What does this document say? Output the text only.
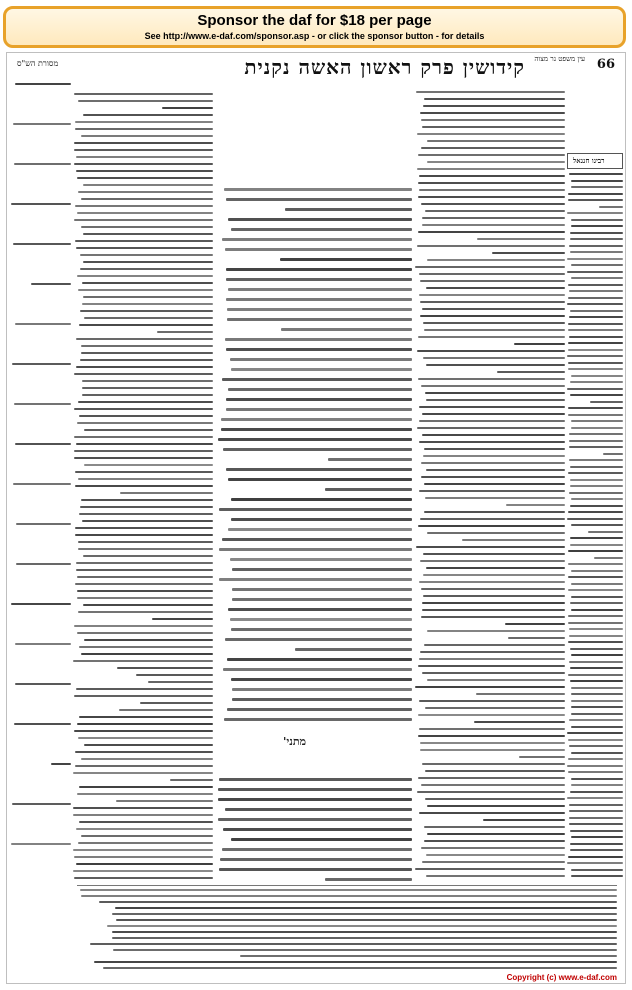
Sponsor the daf for $18 per page
See http://www.e-daf.com/sponsor.asp - or click the sponsor button - for details
קידושין פרק ראשון האשה נקנית	66
מסורת הש"ס	עין משפט נר מצוה
רבינו חננאל
מתני'
Copyright (c) www.e-daf.com
